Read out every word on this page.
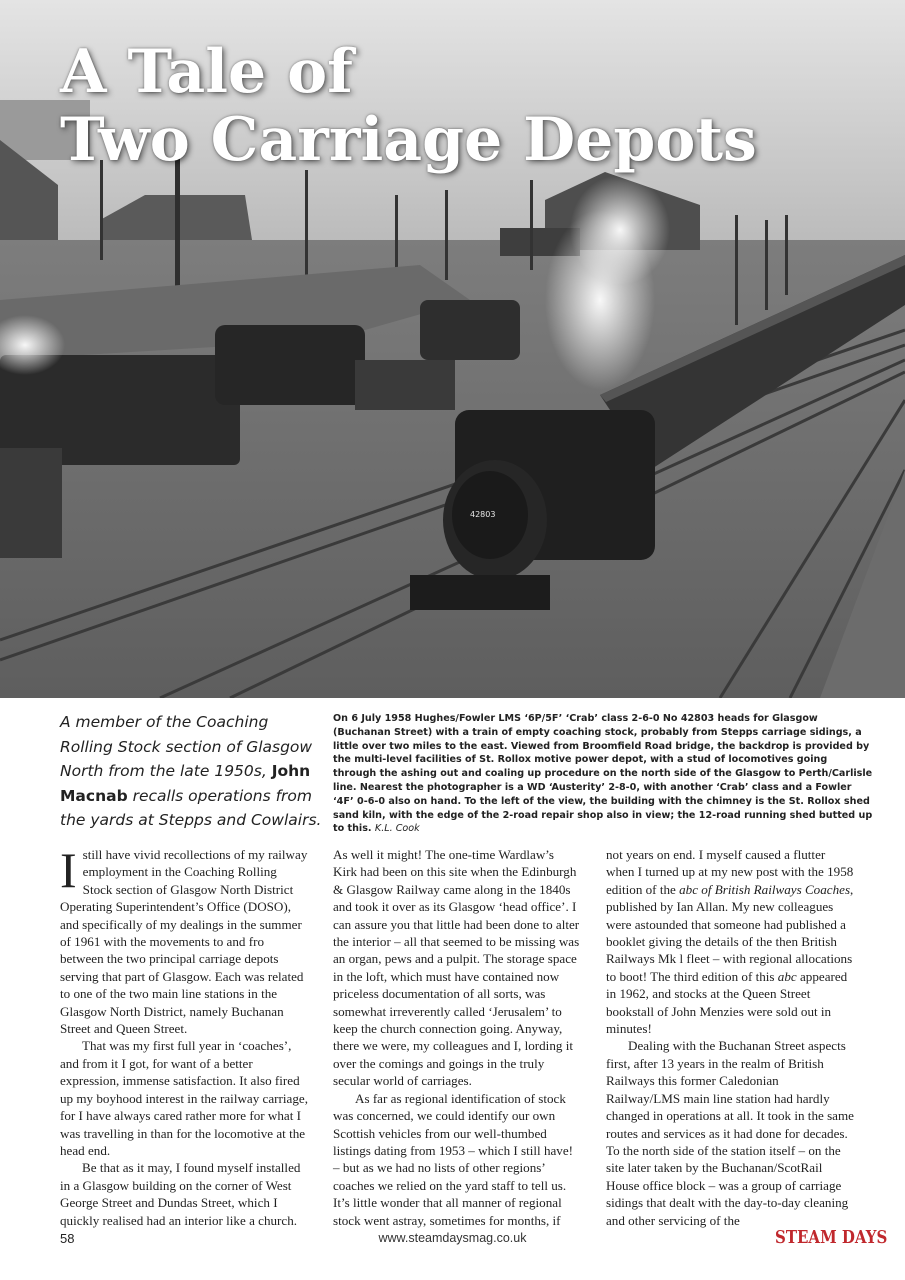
42803
A Tale of
Two Carriage Depots

A member of the Coaching Rolling Stock section of Glasgow North from the late 1950s, John Macnab recalls operations from the yards at Stepps and Cowlairs.

On 6 July 1958 Hughes/Fowler LMS ‘6P/5F’ ‘Crab’ class 2-6-0 No 42803 heads for Glasgow (Buchanan Street) with a train of empty coaching stock, probably from Stepps carriage sidings, a little over two miles to the east. Viewed from Broomfield Road bridge, the backdrop is provided by the multi-level facilities of St. Rollox motive power depot, with a stud of locomotives going through the ashing out and coaling up procedure on the north side of the Glasgow to Perth/Carlisle line. Nearest the photographer is a WD ‘Austerity’ 2-8-0, with another ‘Crab’ class and a Fowler ‘4F’ 0-6-0 also on hand. To the left of the view, the building with the chimney is the St. Rollox shed sand kiln, with the edge of the 2-road repair shop also in view; the 12-road running shed butted up to this. K.L. Cook

Istill have vivid recollections of my railway employment in the Coaching Rolling Stock section of Glasgow North District Operating Superintendent’s Office (DOSO), and specifically of my dealings in the summer of 1961 with the movements to and fro between the two principal carriage depots serving that part of Glasgow. Each was related to one of the two main line stations in the Glasgow North District, namely Buchanan Street and Queen Street.

That was my first full year in ‘coaches’, and from it I got, for want of a better expression, immense satisfaction. It also fired up my boyhood interest in the railway carriage, for I have always cared rather more for what I was travelling in than for the locomotive at the head end.

Be that as it may, I found myself installed in a Glasgow building on the corner of West George Street and Dundas Street, which I quickly realised had an interior like a church.

As well it might! The one-time Wardlaw’s Kirk had been on this site when the Edinburgh & Glasgow Railway came along in the 1840s and took it over as its Glasgow ‘head office’. I can assure you that little had been done to alter the interior – all that seemed to be missing was an organ, pews and a pulpit. The storage space in the loft, which must have contained now priceless documentation of all sorts, was somewhat irreverently called ‘Jerusalem’ to keep the church connection going. Anyway, there we were, my colleagues and I, lording it over the comings and goings in the truly secular world of carriages.

As far as regional identification of stock was concerned, we could identify our own Scottish vehicles from our well-thumbed listings dating from 1953 – which I still have! – but as we had no lists of other regions’ coaches we relied on the yard staff to tell us. It’s little wonder that all manner of regional stock went astray, sometimes for months, if

not years on end. I myself caused a flutter when I turned up at my new post with the 1958 edition of the abc of British Railways Coaches, published by Ian Allan. My new colleagues were astounded that someone had published a booklet giving the details of the then British Railways Mk l fleet – with regional allocations to boot! The third edition of this abc appeared in 1962, and stocks at the Queen Street bookstall of John Menzies were sold out in minutes!

Dealing with the Buchanan Street aspects first, after 13 years in the realm of British Railways this former Caledonian Railway/LMS main line station had hardly changed in operations at all. It took in the same routes and services as it had done for decades. To the north side of the station itself – on the site later taken by the Buchanan/ScotRail House office block – was a group of carriage sidings that dealt with the day-to-day cleaning and other servicing of the

58	www.steamdaysmag.co.uk	STEAM DAYS
